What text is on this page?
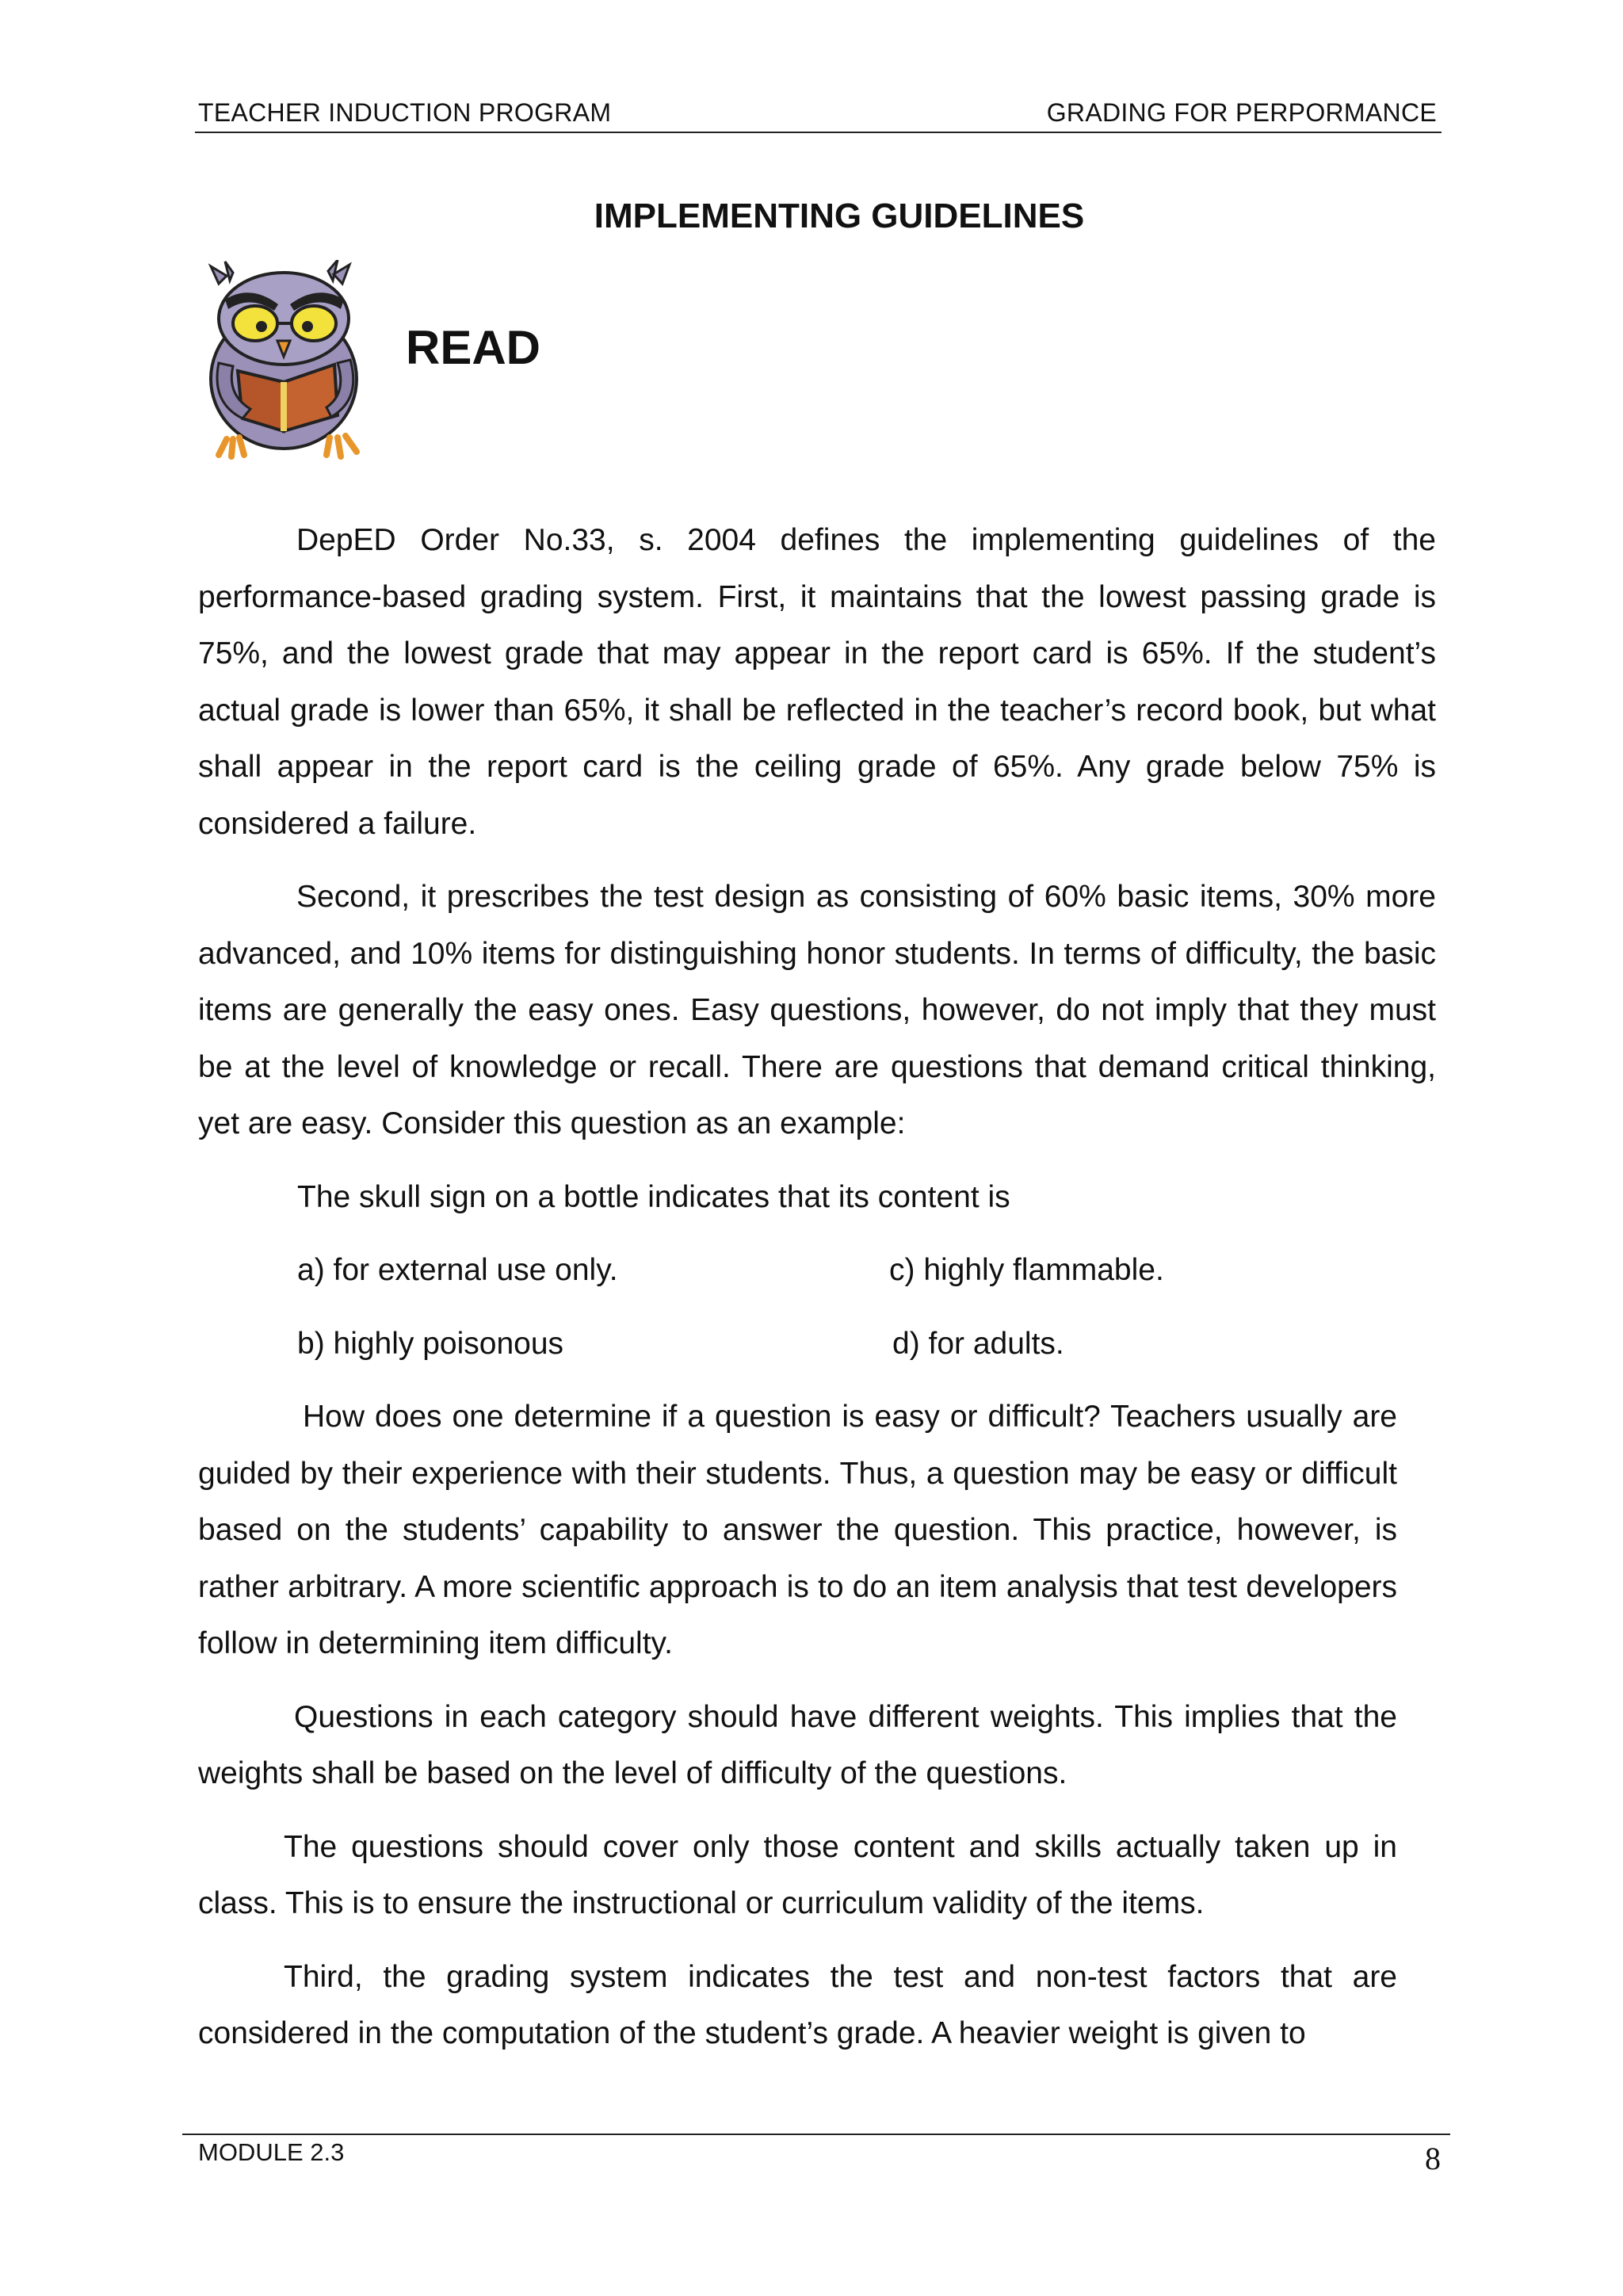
TEACHER INDUCTION PROGRAM	GRADING FOR PERPORMANCE
IMPLEMENTING GUIDELINES
READ

DepED Order No.33, s. 2004 defines the implementing guidelines of the performance-based grading system. First, it maintains that the lowest passing grade is 75%, and the lowest grade that may appear in the report card is 65%. If the student’s actual grade is lower than 65%, it shall be reflected in the teacher’s record book, but what shall appear in the report card is the ceiling grade of 65%. Any grade below 75% is considered a failure.

Second, it prescribes the test design as consisting of 60% basic items, 30% more advanced, and 10% items for distinguishing honor students. In terms of difficulty, the basic items are generally the easy ones. Easy questions, however, do not imply that they must be at the level of knowledge or recall. There are questions that demand critical thinking, yet are easy. Consider this question as an example:

The skull sign on a bottle indicates that its content is
a) for external use only.	c) highly flammable.
b) highly poisonous	d) for adults.

How does one determine if a question is easy or difficult? Teachers usually are guided by their experience with their students. Thus, a question may be easy or difficult based on the students’ capability to answer the question. This practice, however, is rather arbitrary. A more scientific approach is to do an item analysis that test developers follow in determining item difficulty.

Questions in each category should have different weights. This implies that the weights shall be based on the level of difficulty of the questions.

The questions should cover only those content and skills actually taken up in class. This is to ensure the instructional or curriculum validity of the items.

Third, the grading system indicates the test and non-test factors that are considered in the computation of the student’s grade. A heavier weight is given to

MODULE 2.3	8
